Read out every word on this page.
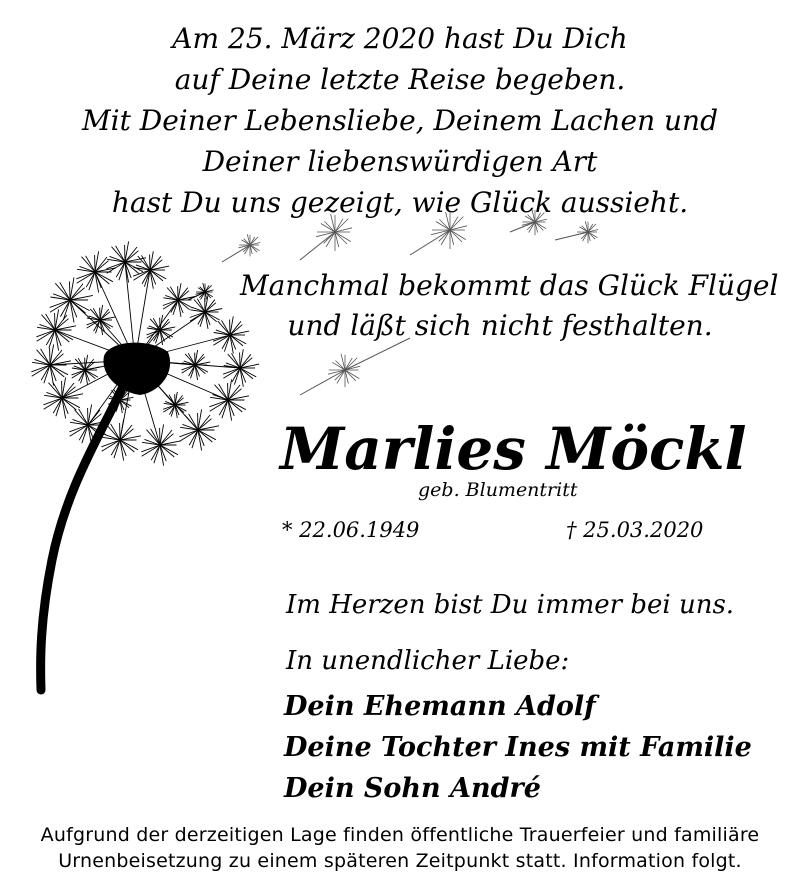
Am 25. März 2020 hast Du Dich
auf Deine letzte Reise begeben.
Mit Deiner Lebensliebe, Deinem Lachen und
Deiner liebenswürdigen Art
hast Du uns gezeigt, wie Glück aussieht.
Manchmal bekommt das Glück Flügel
und läßt sich nicht festhalten.
Marlies Möckl
geb. Blumentritt
* 22.06.1949	† 25.03.2020
Im Herzen bist Du immer bei uns.
In unendlicher Liebe:
Dein Ehemann Adolf
Deine Tochter Ines mit Familie
Dein Sohn André
Aufgrund der derzeitigen Lage finden öffentliche Trauerfeier und familiäre
Urnenbeisetzung zu einem späteren Zeitpunkt statt. Information folgt.
